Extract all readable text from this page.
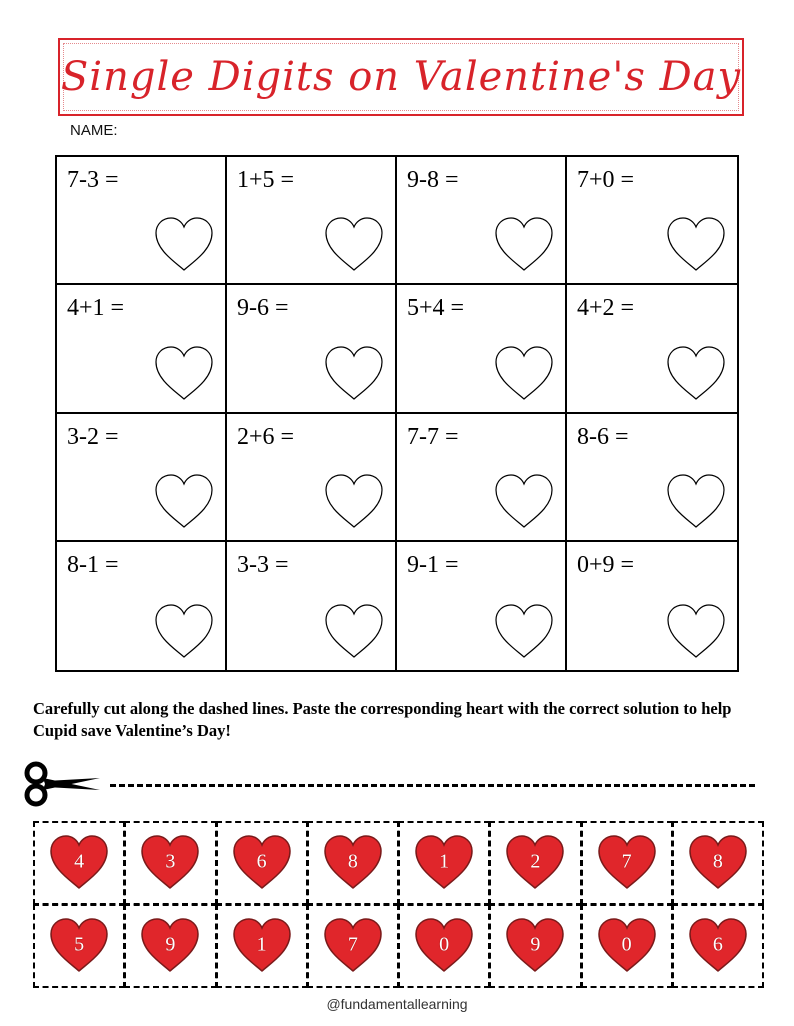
Single Digits on Valentine's Day
NAME:
7-3 =	1+5 =	9-8 =	7+0 =
4+1 =	9-6 =	5+4 =	4+2 =
3-2 =	2+6 =	7-7 =	8-6 =
8-1 =	3-3 =	9-1 =	0+9 =
Carefully cut along the dashed lines. Paste the corresponding heart with the correct solution to help Cupid save Valentine’s Day!
4	3	6	8	1	2	7	8
5	9	1	7	0	9	0	6
@fundamentallearning
